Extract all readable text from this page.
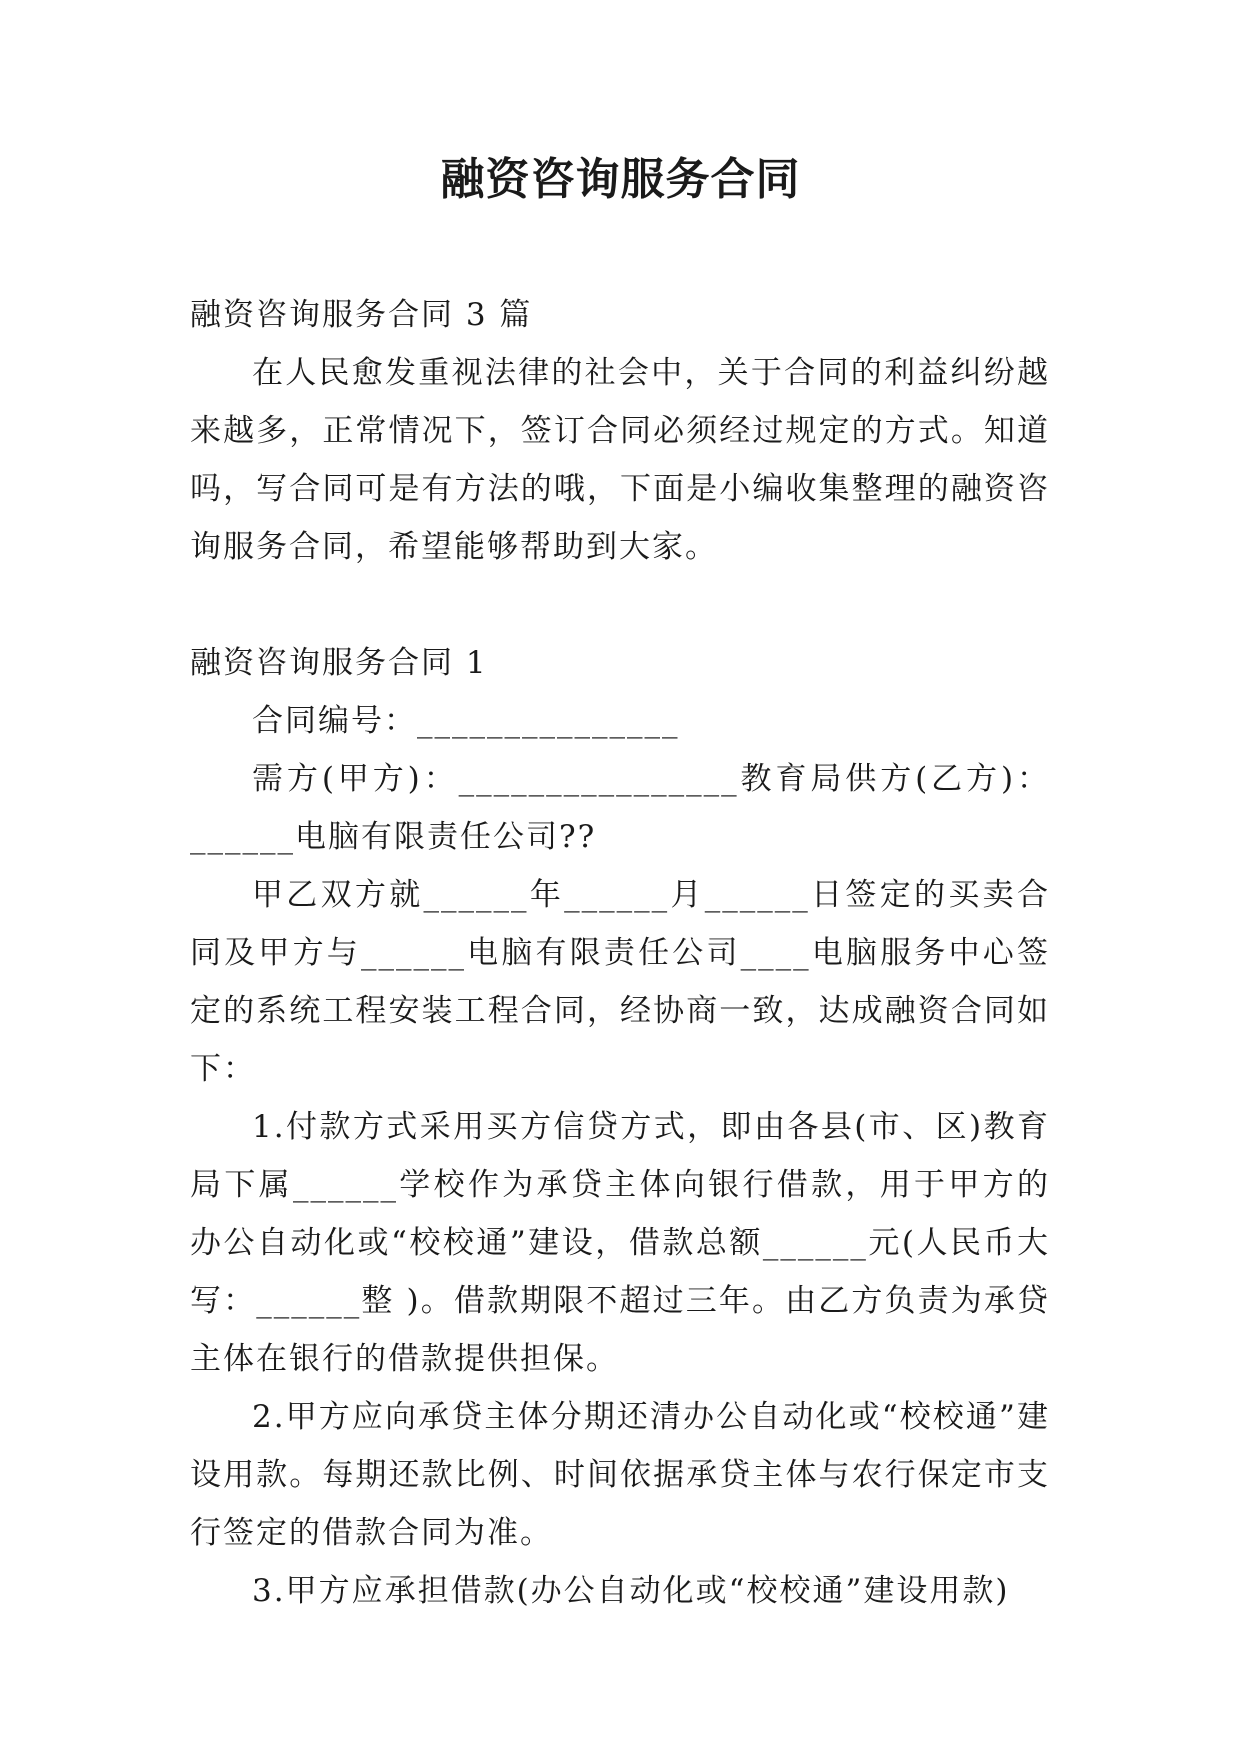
融资咨询服务合同

融资咨询服务合同 3 篇

在人民愈发重视法律的社会中，关于合同的利益纠纷越来越多，正常情况下，签订合同必须经过规定的方式。知道吗，写合同可是有方法的哦，下面是小编收集整理的融资咨询服务合同，希望能够帮助到大家。

融资咨询服务合同 1

合同编号：_______________

需方(甲方)：________________教育局供方(乙方)：______电脑有限责任公司??

甲乙双方就______年______月______日签定的买卖合同及甲方与______电脑有限责任公司____电脑服务中心签定的系统工程安装工程合同，经协商一致，达成融资合同如下：

1.付款方式采用买方信贷方式，即由各县(市、区)教育局下属______学校作为承贷主体向银行借款，用于甲方的办公自动化或“校校通”建设，借款总额______元(人民币大写：______整 )。借款期限不超过三年。由乙方负责为承贷主体在银行的借款提供担保。

2.甲方应向承贷主体分期还清办公自动化或“校校通”建设用款。每期还款比例、时间依据承贷主体与农行保定市支行签定的借款合同为准。

3.甲方应承担借款(办公自动化或“校校通”建设用款)
